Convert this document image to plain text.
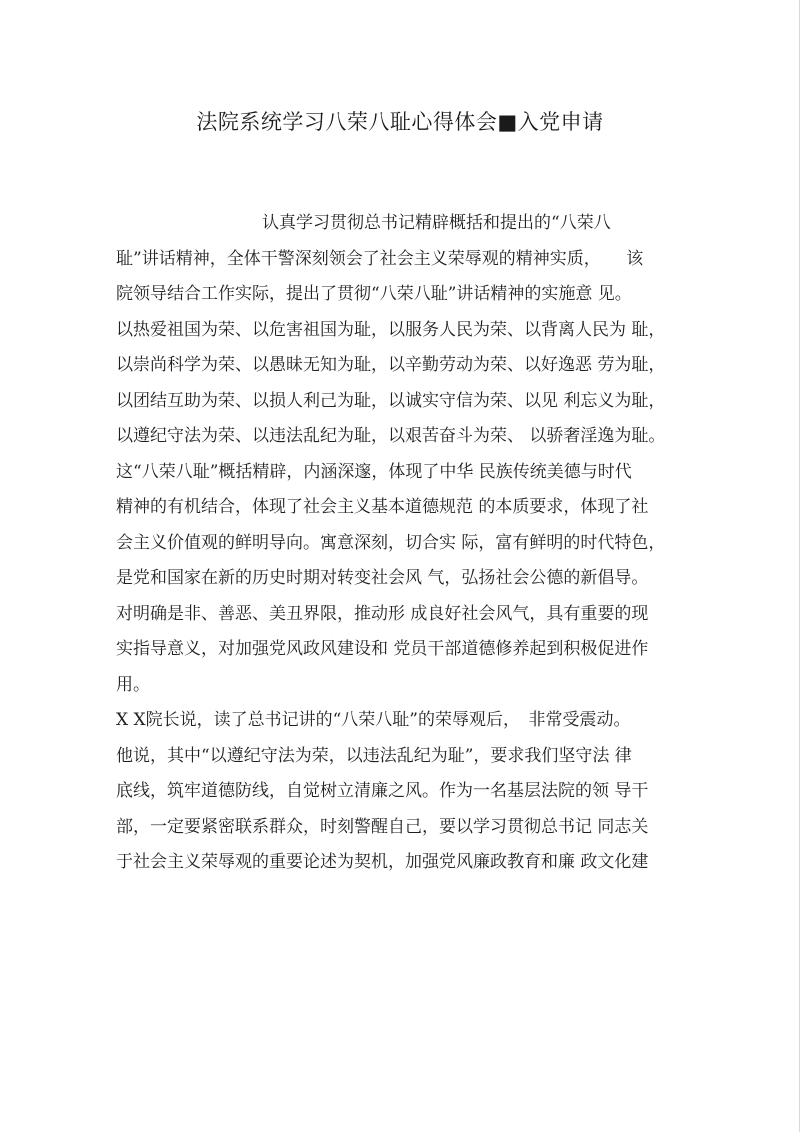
法院系统学习八荣八耻心得体会■入党申请
认真学习贯彻总书记精辟概括和提出的“八荣八
耻”讲话精神，全体干警深刻领会了社会主义荣辱观的精神实质，　　该
院领导结合工作实际，提出了贯彻“八荣八耻”讲话精神的实施意 见。
以热爱祖国为荣、以危害祖国为耻，以服务人民为荣、以背离人民为 耻，
以崇尚科学为荣、以愚昧无知为耻，以辛勤劳动为荣、以好逸恶 劳为耻，
以团结互助为荣、以损人利己为耻，以诚实守信为荣、以见 利忘义为耻，
以遵纪守法为荣、以违法乱纪为耻，以艰苦奋斗为荣、 以骄奢淫逸为耻。
这“八荣八耻”概括精辟，内涵深邃，体现了中华 民族传统美德与时代
精神的有机结合，体现了社会主义基本道德规范 的本质要求，体现了社
会主义价值观的鲜明导向。寓意深刻，切合实 际，富有鲜明的时代特色，
是党和国家在新的历史时期对转变社会风 气，弘扬社会公德的新倡导。
对明确是非、善恶、美丑界限，推动形 成良好社会风气，具有重要的现
实指导意义，对加强党风政风建设和 党员干部道德修养起到积极促进作
用。
X X院长说，读了总书记讲的“八荣八耻”的荣辱观后，　非常受震动。
他说，其中“以遵纪守法为荣，以违法乱纪为耻”，要求我们坚守法 律
底线，筑牢道德防线，自觉树立清廉之风。作为一名基层法院的领 导干
部，一定要紧密联系群众，时刻警醒自己，要以学习贯彻总书记 同志关
于社会主义荣辱观的重要论述为契机，加强党风廉政教育和廉 政文化建
